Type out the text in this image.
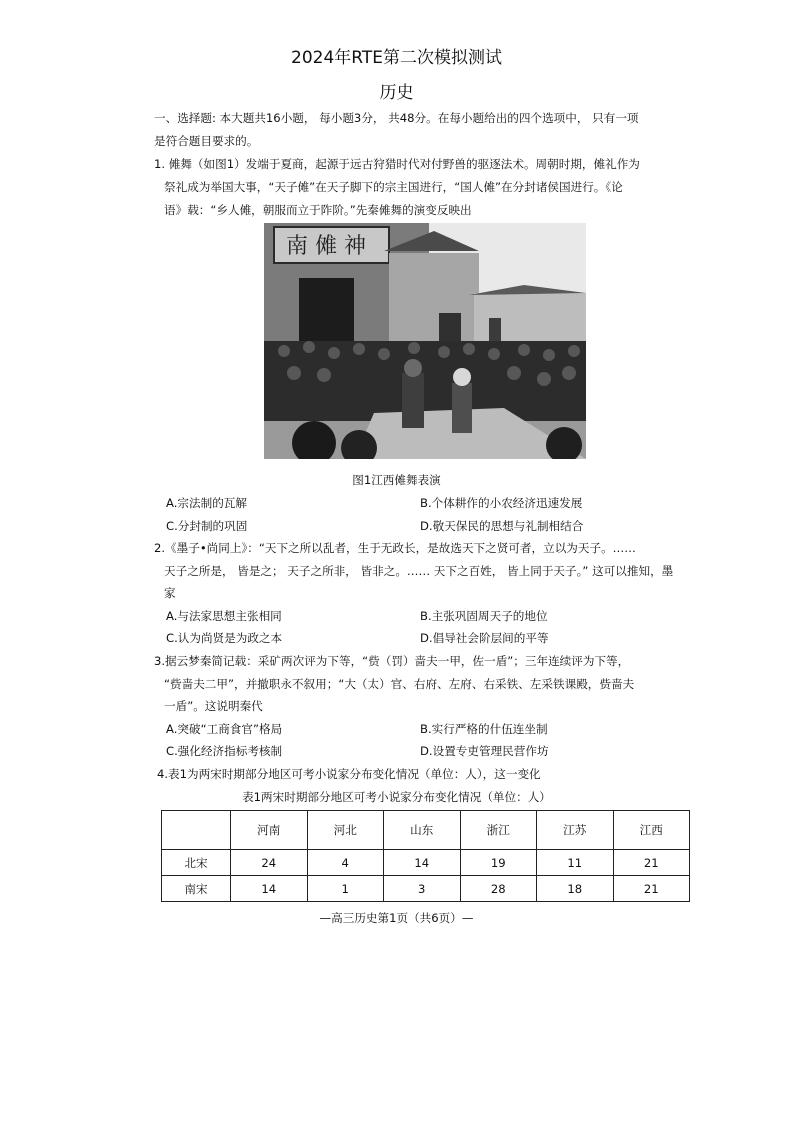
2024年RTE第二次模拟测试
历史
一、选择题: 本大题共16小题， 每小题3分， 共48分。在每小题给出的四个选项中， 只有一项
是符合题目要求的。
1. 傩舞（如图1）发端于夏商，起源于远古狩猎时代对付野兽的驱逐法术。周朝时期，傩礼作为
祭礼成为举国大事，“天子傩”在天子脚下的宗主国进行，“国人傩”在分封诸侯国进行。《论
语》载：“乡人傩，朝服而立于阼阶。”先秦傩舞的演变反映出
南 傩 神
图1江西傩舞表演
A.宗法制的瓦解	B.个体耕作的小农经济迅速发展
C.分封制的巩固	D.敬天保民的思想与礼制相结合
2.《墨子•尚同上》：“天下之所以乱者，生于无政长，是故选天下之贤可者，立以为天子。……
天子之所是， 皆是之； 天子之所非， 皆非之。…… 天下之百姓， 皆上同于天子。” 这可以推知，墨
家
A.与法家思想主张相同	B.主张巩固周天子的地位
C.认为尚贤是为政之本	D.倡导社会阶层间的平等
3.据云梦秦简记载：采矿两次评为下等，“赀（罚）啬夫一甲，佐一盾”；三年连续评为下等，
“赀啬夫二甲”，并撤职永不叙用；“大（太）官、右府、左府、右采铁、左采铁课殿，赀啬夫
一盾”。这说明秦代
A.突破“工商食官”格局	B.实行严格的什伍连坐制
C.强化经济指标考核制	D.设置专吏管理民营作坊
4.表1为两宋时期部分地区可考小说家分布变化情况（单位：人），这一变化
表1两宋时期部分地区可考小说家分布变化情况（单位：人）
	河南	河北	山东	浙江	江苏	江西
北宋	24	4	14	19	11	21
南宋	14	1	3	28	18	21
—高三历史第1页（共6页）—
